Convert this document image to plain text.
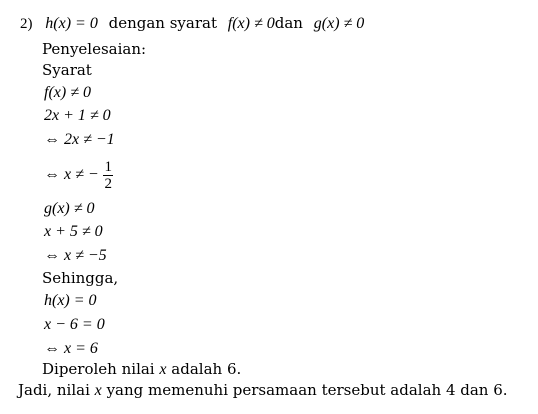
2) h(x) = 0 dengan syarat f(x) ≠ 0dan g(x) ≠ 0
Penyelesaian:
Syarat
f(x) ≠ 0
2x + 1 ≠ 0
⇔ 2x ≠ −1
⇔ x ≠ − $\frac{1}{2}$
g(x) ≠ 0
x + 5 ≠ 0
⇔ x ≠ −5
Sehingga,
h(x) = 0
x − 6 = 0
⇔ x = 6
Diperoleh nilai x adalah 6.
Jadi, nilai x yang memenuhi persamaan tersebut adalah 4 dan 6.
